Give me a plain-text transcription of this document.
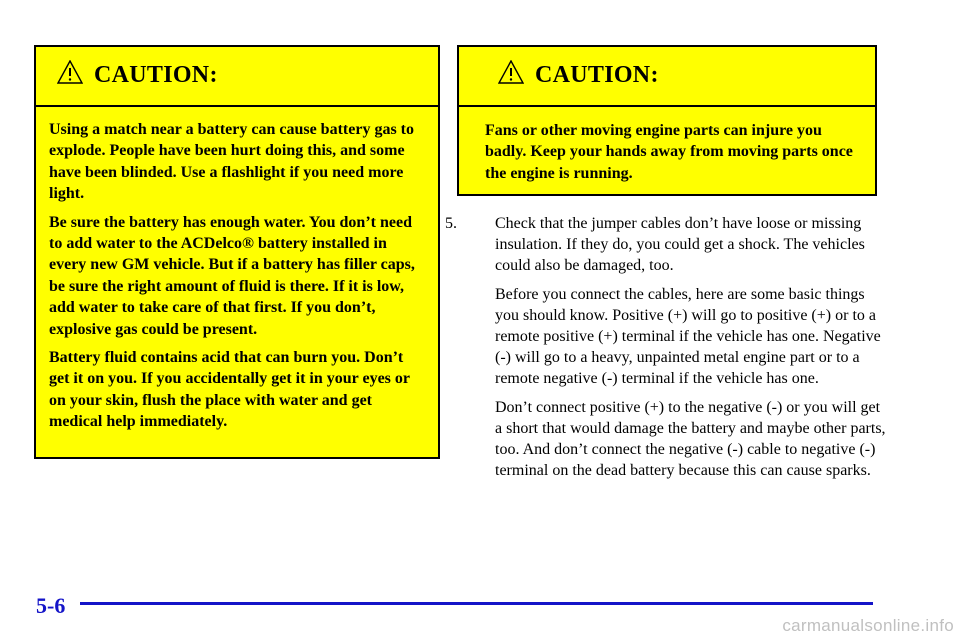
CAUTION:

Using a match near a battery can cause battery gas to explode. People have been hurt doing this, and some have been blinded. Use a flashlight if you need more light.

Be sure the battery has enough water. You don’t need to add water to the ACDelco® battery installed in every new GM vehicle. But if a battery has filler caps, be sure the right amount of fluid is there. If it is low, add water to take care of that first. If you don’t, explosive gas could be present.

Battery fluid contains acid that can burn you. Don’t get it on you. If you accidentally get it in your eyes or on your skin, flush the place with water and get medical help immediately.

CAUTION:

Fans or other moving engine parts can injure you badly. Keep your hands away from moving parts once the engine is running.

5. Check that the jumper cables don’t have loose or missing insulation. If they do, you could get a shock. The vehicles could also be damaged, too.

Before you connect the cables, here are some basic things you should know. Positive (+) will go to positive (+) or to a remote positive (+) terminal if the vehicle has one. Negative (-) will go to a heavy, unpainted metal engine part or to a remote negative (-) terminal if the vehicle has one.

Don’t connect positive (+) to the negative (-) or you will get a short that would damage the battery and maybe other parts, too. And don’t connect the negative (-) cable to negative (-) terminal on the dead battery because this can cause sparks.

5-6
carmanualsonline.info
